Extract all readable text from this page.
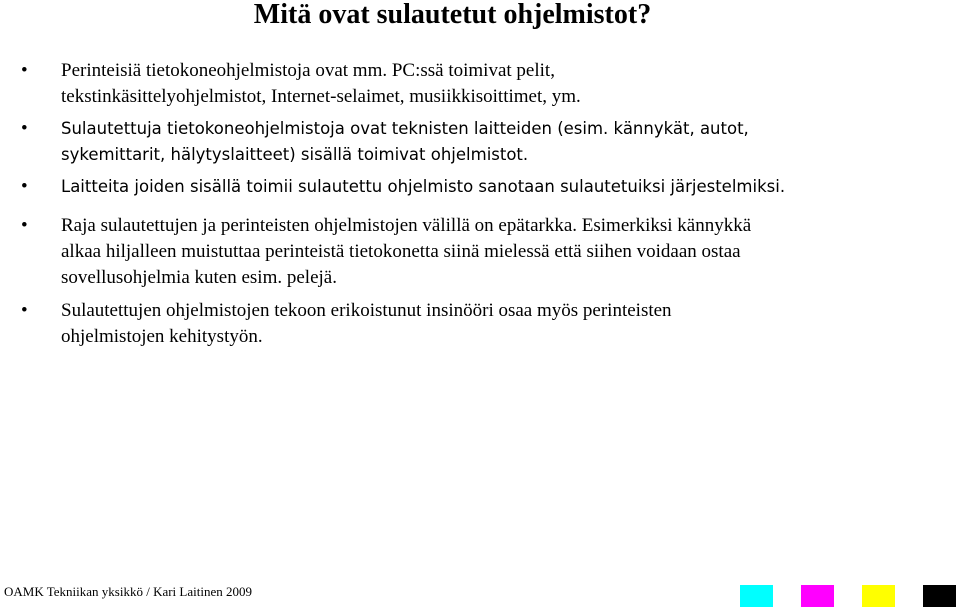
Mitä ovat sulautetut ohjelmistot?
• Perinteisiä tietokoneohjelmistoja ovat mm. PC:ssä toimivat pelit,
tekstinkäsittelyohjelmistot, Internet-selaimet, musiikkisoittimet, ym.
• Sulautettuja tietokoneohjelmistoja ovat teknisten laitteiden (esim. kännykät, autot,
sykemittarit, hälytyslaitteet) sisällä toimivat ohjelmistot.
• Laitteita joiden sisällä toimii sulautettu ohjelmisto sanotaan sulautetuiksi järjestelmiksi.
• Raja sulautettujen ja perinteisten ohjelmistojen välillä on epätarkka. Esimerkiksi kännykkä
alkaa hiljalleen muistuttaa perinteistä tietokonetta siinä mielessä että siihen voidaan ostaa
sovellusohjelmia kuten esim. pelejä.
• Sulautettujen ohjelmistojen tekoon erikoistunut insinööri osaa myös perinteisten
ohjelmistojen kehitystyön.
OAMK Tekniikan yksikkö / Kari Laitinen 2009
